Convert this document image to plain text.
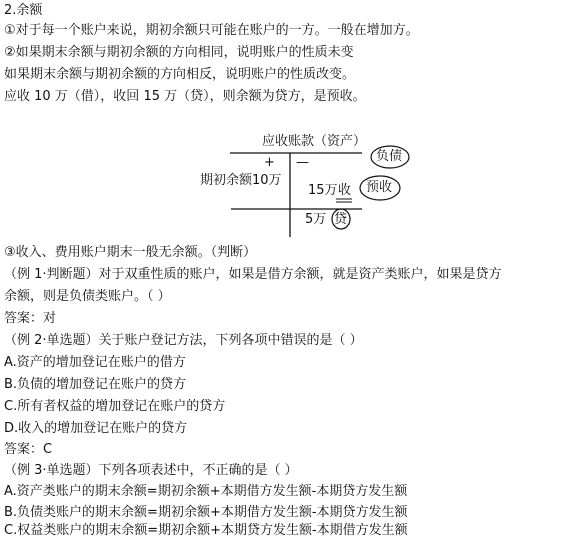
2.余额
①对于每一个账户来说，期初余额只可能在账户的一方。一般在增加方。
②如果期末余额与期初余额的方向相同，说明账户的性质未变
如果期末余额与期初余额的方向相反，说明账户的性质改变。
应收 10 万（借），收回 15 万（贷），则余额为贷方，是预收。
应收账款（资产）
+ —
期初余额10万
15万 收
5万 贷
负债
预收
③收入、费用账户期末一般无余额。（判断）
（例 1·判断题）对于双重性质的账户，如果是借方余额，就是资产类账户，如果是贷方
余额，则是负债类账户。（ ）
答案：对
（例 2·单选题）关于账户登记方法，下列各项中错误的是（ ）
A.资产的增加登记在账户的借方
B.负债的增加登记在账户的贷方
C.所有者权益的增加登记在账户的贷方
D.收入的增加登记在账户的贷方
答案：C
（例 3·单选题）下列各项表述中，不正确的是（ ）
A.资产类账户的期末余额=期初余额+本期借方发生额-本期贷方发生额
B.负债类账户的期末余额=期初余额+本期借方发生额-本期贷方发生额
C.权益类账户的期末余额=期初余额+本期贷方发生额-本期借方发生额
